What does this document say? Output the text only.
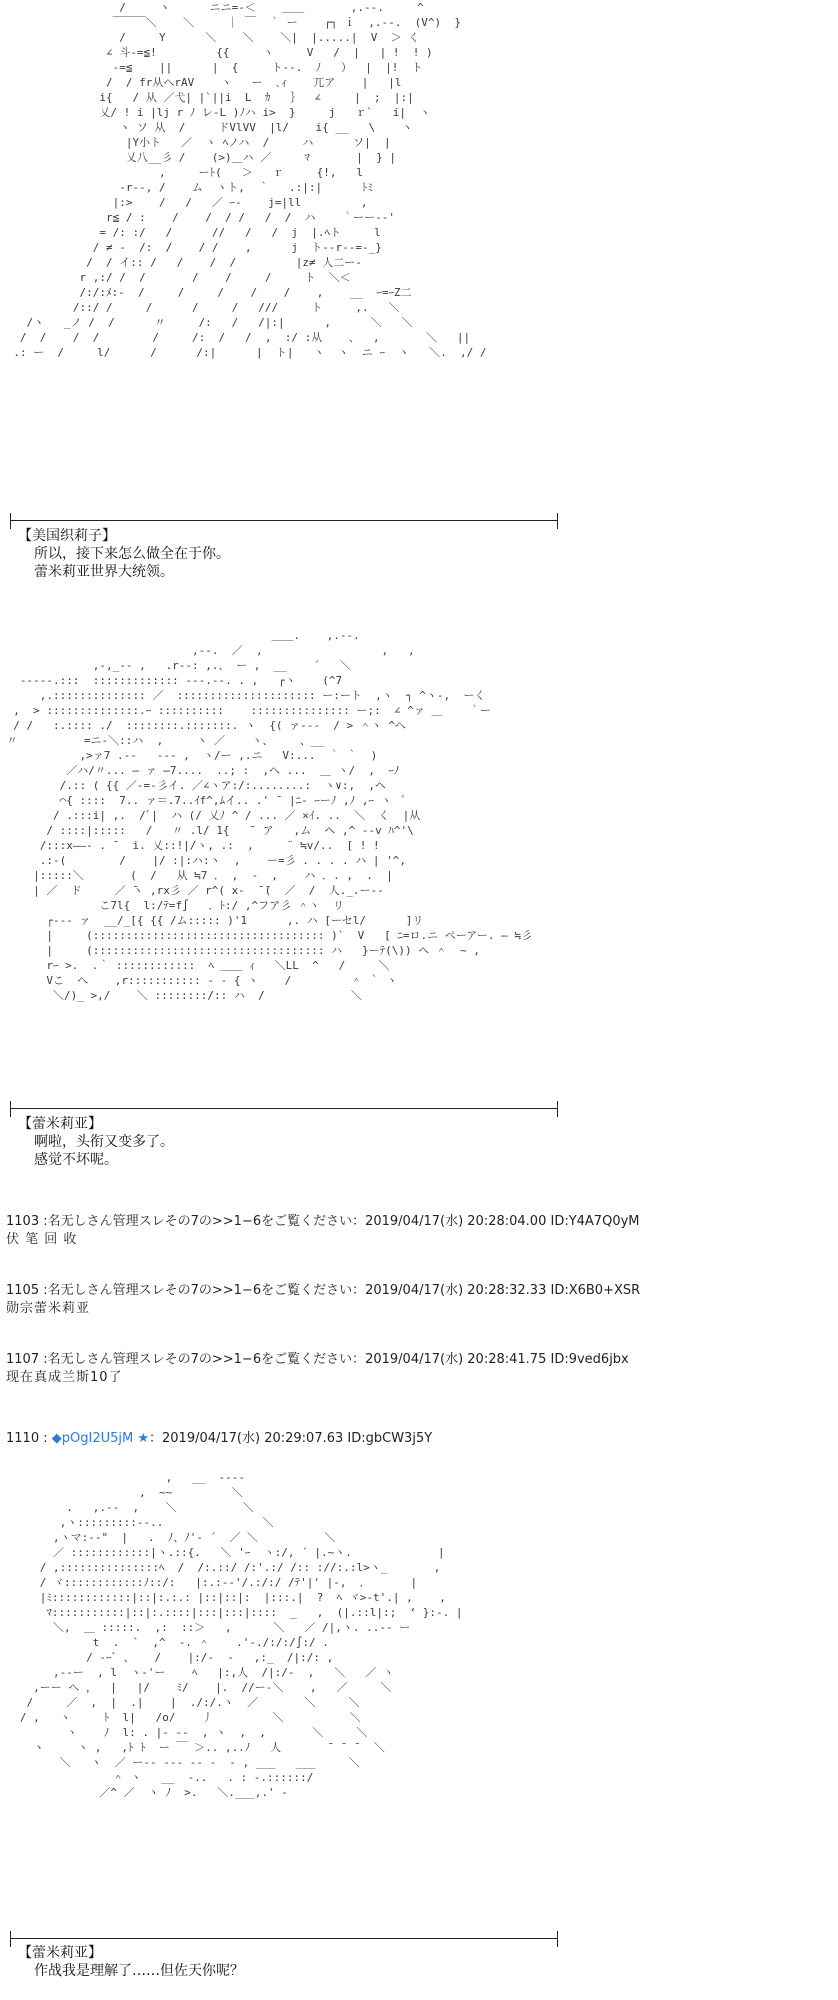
/     ヽ      ニニ=-＜    ＿＿       ,.--.     ^
￣￣￣＼    ＼     ｜ ￣  ｀ ー    ┌┐ ｉ  ,.--.  (V^)  }
/     Y      ＼    ＼    ＼|  |.....|  V  ＞ く
∠ 斗-=≦!         {{     ヽ     V   /  |   | !  ! )
-=≦    ||      |  {     ト--.  ﾉ   ）  |  |!  ト
/  / fr从へrAV    ヽ   ー  ､ｨ    兀ア    |   |l
i{   / 从 ／弋| |`||i  L  ｶ   ｝  ∠     |  ;  |:|
乂/ ! i |lj r ﾉ レ-L )ﾉハ i>  }     j   ｒ`   i|  ヽ
ヽ ソ 从  /     ドVlVV  |l/    i{ __   \    ヽ
|Y小ト   ／  ヽ ﾍノハ  /     ハ      ソ|  |
乂八__彡 /    (>)＿ハ ／     ﾏ       |  } |
,     ーﾄ(   ＞   ｒ     {!,   l
-r--, /    ム  ヽト,  ｀   .:|:|      ﾄﾐ
|:>    /   /   ／ ｰ‐    j=|ll         ,
r≦ / :    /    /  / /   /  /  ハ    ｀ーー--'
= /: :/   /      //   /   /  j  |.ﾍト     l
/ ≠ ‐  /:  /    / /    ,      j  ト--r--=-_}
/  / イ:: /   /    /  /         |z≠ 人二ー-
r ,:/ /  /       /    /     /     ト  ＼＜
/:/:ﾒ:-  /     /     /    /    /    ,    __  ｰ=ｰZ二
/::/ /     /      /     /   ///     ト     ,.   ＼
/ヽ   _ノ /  /      〃     /:   /   /|:|      ,      ＼   ＼
/  /    /  /        /     /:  /   /  ,  :/ :从    、  ,       ＼   ||
.: ー  /     l/      /      /:|      |  ト|   ヽ  ヽ  ニ ｰ  ヽ   ＼.  ,/ /
【美国织莉子】
所以，接下来怎么做全在于你。
蕾米莉亚世界大统领。
＿＿.    ,.--.
,--.  ／  ,  　　　　　　　　　 ,   ,
,-,_-- ,   .r--: ,.、 ー ,  __    ´   ＼
-----.:::  ::::::::::::: ---.--. . ,   ┌ヽ    (^7
,.:::::::::::::: ／  ::::::::::::::::::::: ー:ート  ,ヽ  ┐ ^ヽ-,  ーく
,  > ::::::::::::::.ｰ ::::::::::    ::::::::::::::: ー;:  ∠ ^ァ ＿    ｀ー
/ /   :.:::: ./  ::::::::.:::::::. ヽ  {( ァ---  / > ＾ヽ ^へ
〃          =ニ-＼::ハ  ,     ヽ ／    ヽ、    、__
,>ァ7 .--   --- ,  ヽ/ー ,.ニ   V:...  ｀ ｀  )
／ハ/〃... ̶ ァ ̶7....  ..; :  ,へ ...  ＿ ヽ/  ,  ｰﾉ
/.:: ( {{ ／‐=-彡イ. ／∠ヽア:/:........:  ヽ∨:,  ,ヘ
⌒{ ::::  7.. ァ＝.7..ｲf^,ﾑイ.. .' ¯ |ﾆ- ｰーﾉ ,ﾉ ,ｰ ヽ  ﾟ
/ .:::i| ,.  /ﾞ|  ハ (/ 乂ﾉ ^ / ... ／ ×ｲ. ..  ＼  く  |从
/ ::::|:::::   /   〃 .l/ 1{   ¯ ア   ,ム  ヘ ,^ --v ﾊ^'\
/:::x——‐ . ¯  i. 乂::!|/ヽ, .:  ,     ¨ ≒v/..  [ ! !
.:-(        /    |/ :|:ハ:ヽ  ,    ー=彡 . . . . ハ | '^,
|:::::＼       (  /   从 ≒7 ． ,  -  ,    ハ ．. ,  .  |
| ／  ド     ／ ̄ヽ ,rx彡 ／ r^( x-  ̄ ̄(  ／  /  人._.ー‐‐
こ7l{  l:/ﾃ=f∫   ．ﾄ:/ ,^フア彡 ＾ヽ  リ
┌--- ァ  __/_[{ {{ /ム::::: )'1      ,. ハ [ーセl/      ]リ
|     (::::::::::::::::::::::::::::::::::: )`  V   [ ﾆ=ロ.ニ ペーアー. ̶ ≒彡
|     (::::::::::::::::::::::::::::::::::: ハ   }ーﾃ(\)) ヘ ＾  ~ ,
rｰ >.  .｀ ::::::::::::  ﾍ ＿＿ ｨ   ＼LL  ^   /     ＼
Vこ  へ    ,r::::::::::: - - { ヽ    /         ＾ ｀ ヽ
＼/)_ >,/    ＼ ::::::::/:: ハ  /             ＼
【蕾米莉亚】
啊啦，头衔又变多了。
感觉不坏呢。
1103 :名无しさん管理スレその7の>>1−6をご覧ください：2019/04/17(水) 20:28:04.00 ID:Y4A7Q0yM
伏 笔 回 收
1105 :名无しさん管理スレその7の>>1−6をご覧ください：2019/04/17(水) 20:28:32.33 ID:X6B0+XSR
勋宗蕾米莉亚
1107 :名无しさん管理スレその7の>>1−6をご覧ください：2019/04/17(水) 20:28:41.75 ID:9ved6jbx
现在真成兰斯10了
1110 : ◆pOgI2U5jM ★：2019/04/17(水) 20:29:07.63 ID:gbCW3j5Y
,   __  ----
,  ~~         ＼
.   ,.--  ,    ＼          ＼
,ヽ:::::::::--..               ＼
,ヽマ:-‐"  |   .  ﾉ、ﾉ'‐ ´  ／ ＼          ＼
／ ::::::::::::|ヽ.::{.   ＼ 'ｰ  ヽ:/, ´ |.~ヽ.             |
/ ,:::::::::::::::ﾍ  /  /:.::/ /:'.:/ /:: ://:.:l>ヽ_       ,
/ ヾ::::::::::::ﾉ::/:   |:.:-‐'/.:/:/ /ﾃ'|' |-,  ．      |
|ﾐ::::::::::::|::|:.:.: |::|::|:  |:::.|  ?  ﾍ ヾ>-t'.| ,    ,
ﾏ:::::::::::|::|:.::::|:::|:::|::::  _   ,  (|.::l|:;  ‘ }:-. |
＼,  ＿ :::::.  ,:  ::＞   ,   　　＼   ／ /|,ヽ. ..-- ー
t  .  `  ,^  -. ＾    .'-./:/:/∫:/ .
/ -ｰﾞ 、   /    |:/-  ‐   ,:_  /|:/: ,
,--ー  , l  ヽ-'ー    ﾍ   |:,人  /|:/-  ,   ＼   ／ ヽ
,ーー へ ，  |   |/    ﾐ/    |.  //ー-＼    ,   ／     ＼
/     ／  ,  |  .|    |  ./:/.ヽ  ／       ＼     ＼
/ ,   ヽ     ﾄ  l|   /o/    丿         ＼          ＼
ヽ    ﾉ  l: . |- --  , ヽ  ,  ,       ＼     ＼
ヽ     ヽ ,   ,ﾄ ﾄ  ー ￣ ＞.. ,..ﾉ   人       ¯ ¯ ¯  ＼
＼   ヽ  ／ ー-- --- -- -  - , ___   ___     ＼
＾ ヽ   __  -..   . : -.::::::/
／^ ／  ヽ ﾉ  >.   ＼.___,.' -
【蕾米莉亚】
作战我是理解了……但佐天你呢？
